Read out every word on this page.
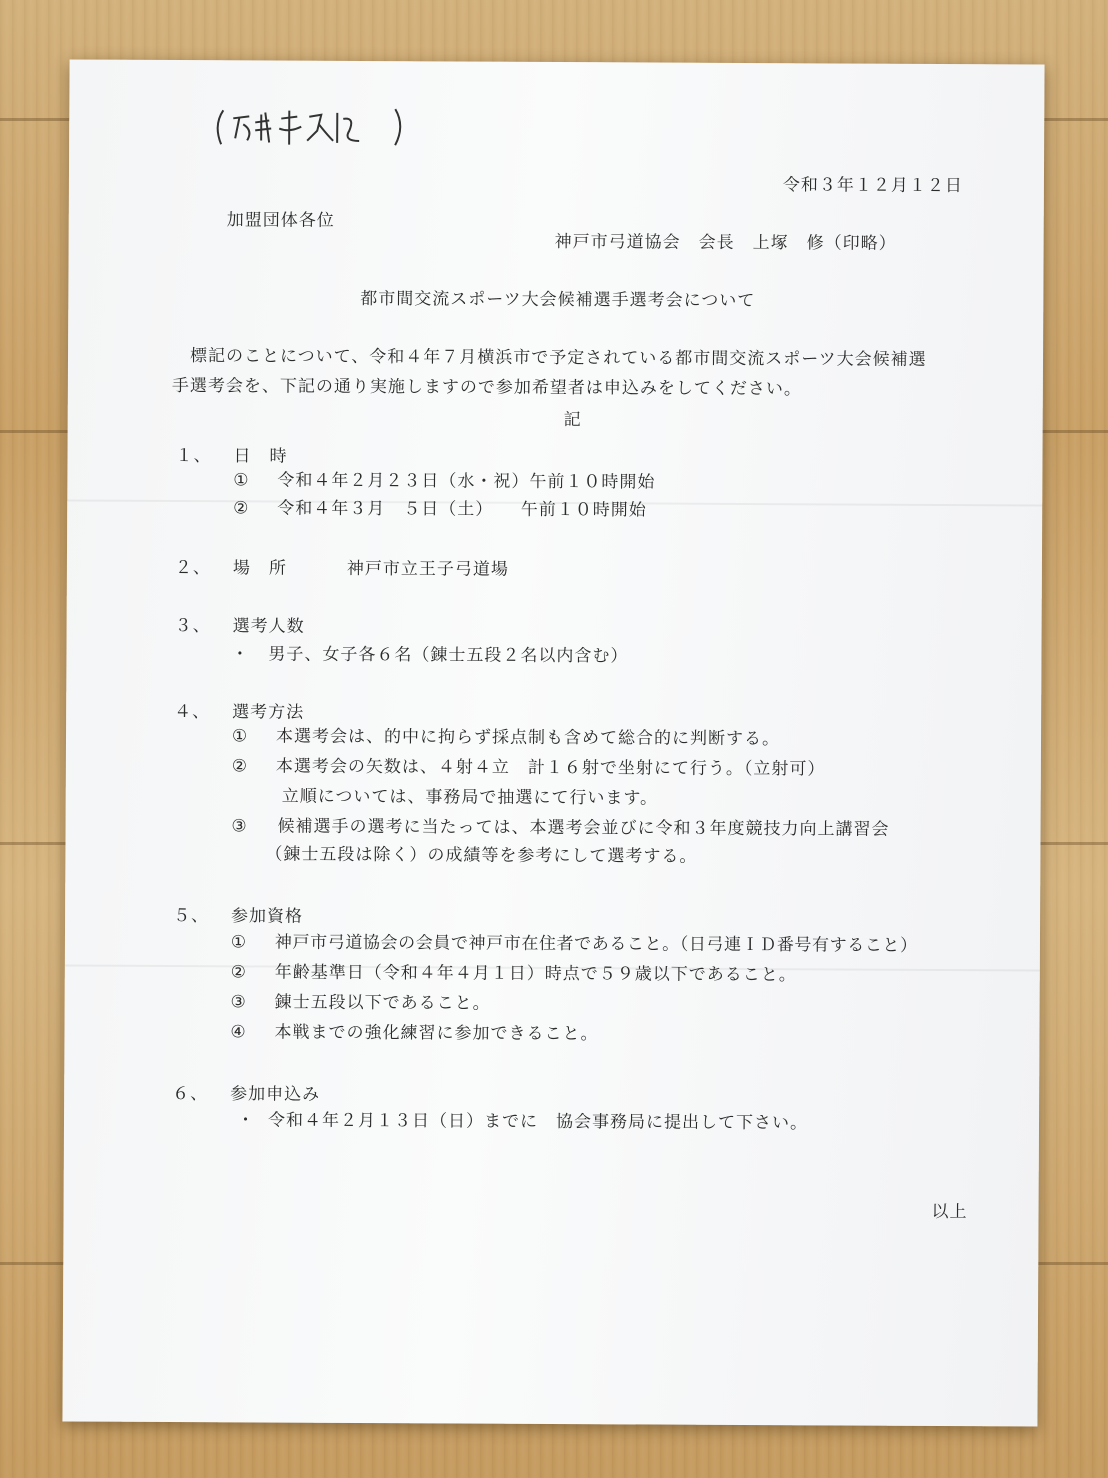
令和３年１２月１２日
加盟団体各位
神戸市弓道協会　会長　上塚　修（印略）
都市間交流スポーツ大会候補選手選考会について
標記のことについて、令和４年７月横浜市で予定されている都市間交流スポーツ大会候補選
手選考会を、下記の通り実施しますので参加希望者は申込みをしてください。
記
１、 日　時
① 令和４年２月２３日（水・祝）午前１０時開始
② 令和４年３月　５日（土）　　午前１０時開始
２、 場　所	神戸市立王子弓道場
３、 選考人数
・ 男子、女子各６名（錬士五段２名以内含む）
４、 選考方法
① 本選考会は、的中に拘らず採点制も含めて総合的に判断する。
② 本選考会の矢数は、４射４立　計１６射で坐射にて行う。（立射可）
立順については、事務局で抽選にて行います。
③ 候補選手の選考に当たっては、本選考会並びに令和３年度競技力向上講習会
（錬士五段は除く）の成績等を参考にして選考する。
５、 参加資格
① 神戸市弓道協会の会員で神戸市在住者であること。（日弓連ＩＤ番号有すること）
② 年齢基準日（令和４年４月１日）時点で５９歳以下であること。
③ 錬士五段以下であること。
④ 本戦までの強化練習に参加できること。
６、 参加申込み
・ 令和４年２月１３日（日）までに　協会事務局に提出して下さい。
以上
